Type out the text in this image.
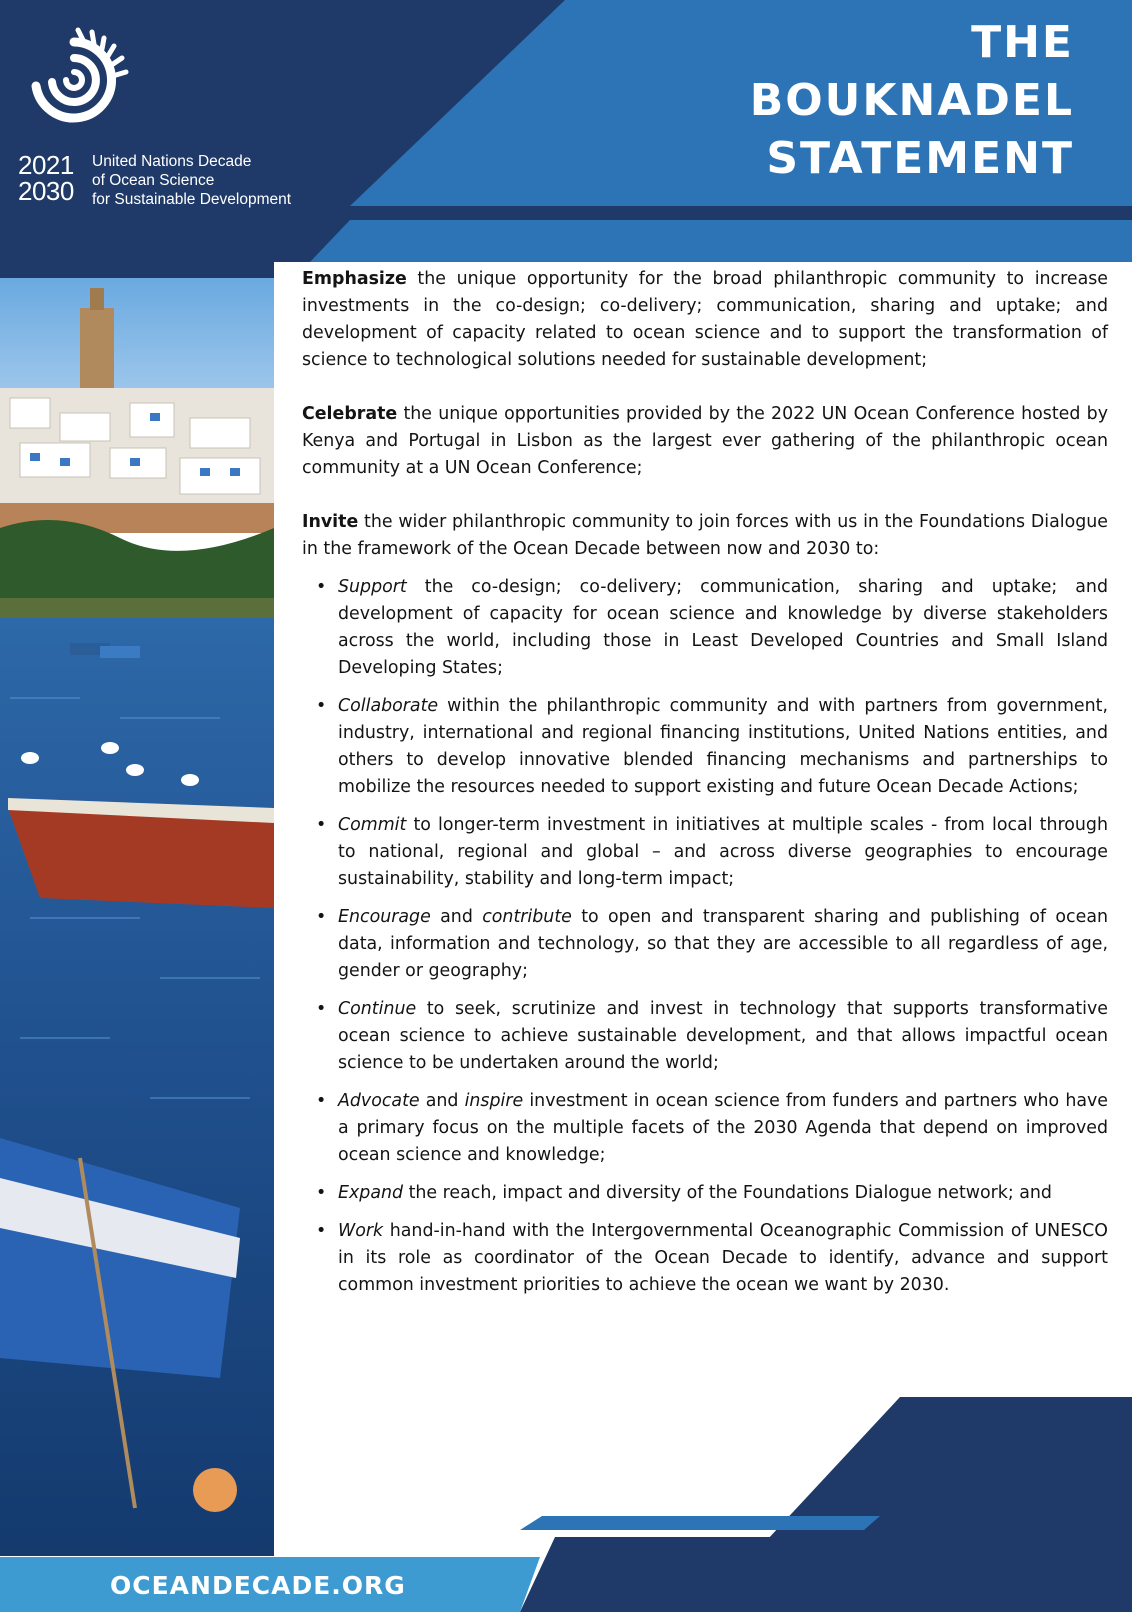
2021
2030
United Nations Decade
of Ocean Science
for Sustainable Development
THE
BOUKNADEL
STATEMENT

Emphasize the unique opportunity for the broad philanthropic community to increase investments in the co-design; co-delivery; communication, sharing and uptake; and development of capacity related to ocean science and to support the transformation of science to technological solutions needed for sustainable development;

Celebrate the unique opportunities provided by the 2022 UN Ocean Conference hosted by Kenya and Portugal in Lisbon as the largest ever gathering of the philanthropic ocean community at a UN Ocean Conference;

Invite the wider philanthropic community to join forces with us in the Foundations Dialogue in the framework of the Ocean Decade between now and 2030 to:

• Support the co-design; co-delivery; communication, sharing and uptake; and development of capacity for ocean science and knowledge by diverse stakeholders across the world, including those in Least Developed Countries and Small Island Developing States;
• Collaborate within the philanthropic community and with partners from government, industry, international and regional financing institutions, United Nations entities, and others to develop innovative blended financing mechanisms and partnerships to mobilize the resources needed to support existing and future Ocean Decade Actions;
• Commit to longer-term investment in initiatives at multiple scales - from local through to national, regional and global – and across diverse geographies to encourage sustainability, stability and long-term impact;
• Encourage and contribute to open and transparent sharing and publishing of ocean data, information and technology, so that they are accessible to all regardless of age, gender or geography;
• Continue to seek, scrutinize and invest in technology that supports transformative ocean science to achieve sustainable development, and that allows impactful ocean science to be undertaken around the world;
• Advocate and inspire investment in ocean science from funders and partners who have a primary focus on the multiple facets of the 2030 Agenda that depend on improved ocean science and knowledge;
• Expand the reach, impact and diversity of the Foundations Dialogue network; and
• Work hand-in-hand with the Intergovernmental Oceanographic Commission of UNESCO in its role as coordinator of the Ocean Decade to identify, advance and support common investment priorities to achieve the ocean we want by 2030.
OCEANDECADE.ORG
